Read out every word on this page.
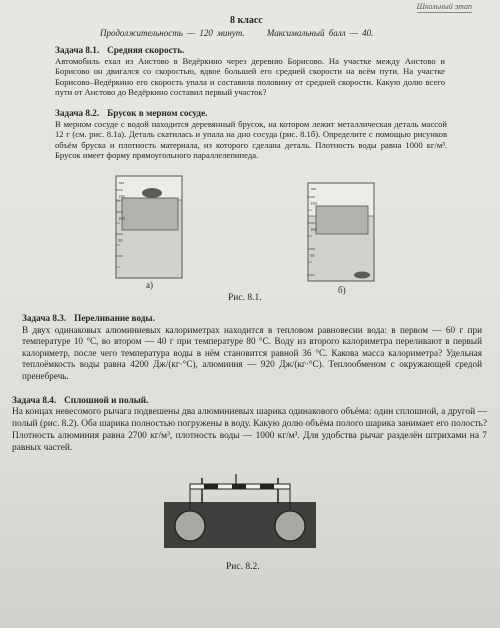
Школьный этап
8 класс
Продолжительность — 120 минут. Максимальный балл — 40.
Задача 8.1. Средняя скорость.

Автомобиль ехал из Анстово в Ведёркино через деревню Борисово. На участке между Анстово и Борисово он двигался со скоростью, вдвое большей его средней скорости на всём пути. На участке Борисово–Ведёркино его скорость упала и составила половину от средней скорости. Какую долю всего пути от Анстово до Ведёркино составил первый участок?

Задача 8.2. Брусок в мерном сосуде.

В мерном сосуде с водой находится деревянный брусок, на котором лежит металлическая деталь массой 12 г (см. рис. 8.1а). Деталь скатилась и упала на дно сосуда (рис. 8.1б). Определите с помощью рисунков объём бруска и плотность материала, из которого сделана деталь. Плотность воды равна 1000 кг/м³. Брусок имеет форму прямоугольного параллелепипеда.

мл
150
100
50
а)
мл
150
100
50
б)
Рис. 8.1.
Задача 8.3. Переливание воды.

В двух одинаковых алюминиевых калориметрах находится в тепловом равновесии вода: в первом — 60 г при температуре 10 °С, во втором — 40 г при температуре 80 °С. Воду из второго калориметра переливают в первый калориметр, после чего температура воды в нём становится равной 36 °С. Какова масса калориметра? Удельная теплоёмкость воды равна 4200 Дж/(кг·°С), алюминия — 920 Дж/(кг·°С). Теплообменом с окружающей средой пренебречь.

Задача 8.4. Сплошной и полый.

На концах невесомого рычага подвешены два алюминиевых шарика одинакового объёма: один сплошной, а другой — полый (рис. 8.2). Оба шарика полностью погружены в воду. Какую долю объёма полого шарика занимает его полость? Плотность алюминия равна 2700 кг/м³, плотность воды — 1000 кг/м³. Для удобства рычаг разделён штрихами на 7 равных частей.

Рис. 8.2.
